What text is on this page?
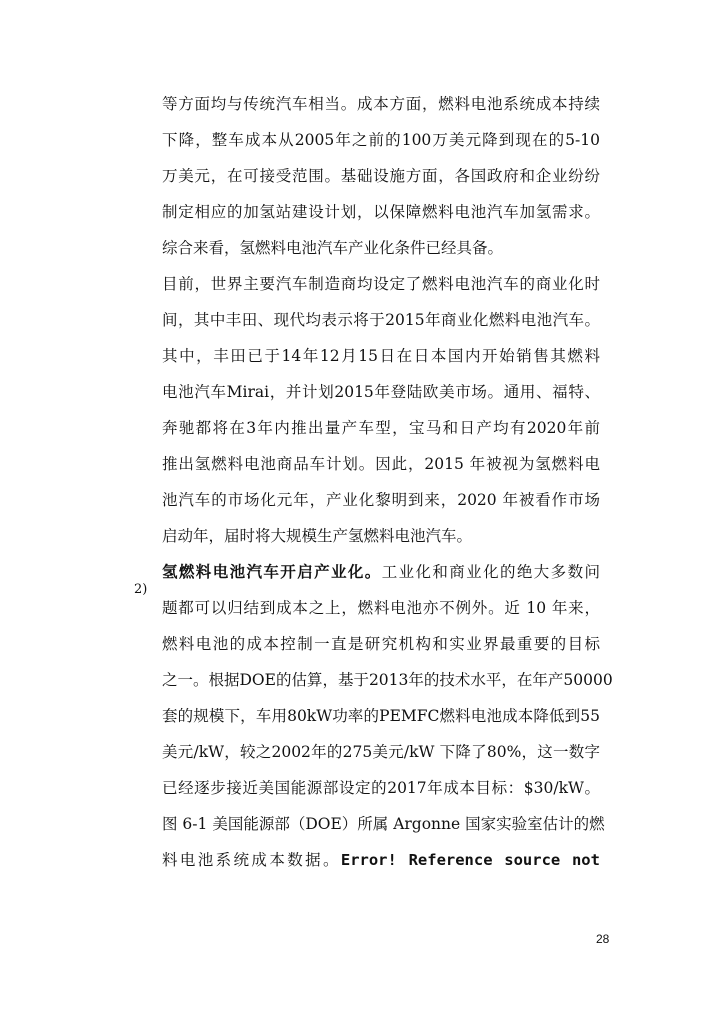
等方面均与传统汽车相当。成本方面，燃料电池系统成本持续
下降，整车成本从2005年之前的100万美元降到现在的5-10
万美元，在可接受范围。基础设施方面，各国政府和企业纷纷
制定相应的加氢站建设计划，以保障燃料电池汽车加氢需求。
综合来看，氢燃料电池汽车产业化条件已经具备。
目前，世界主要汽车制造商均设定了燃料电池汽车的商业化时
间，其中丰田、现代均表示将于2015年商业化燃料电池汽车。
其中，丰田已于14年12月15日在日本国内开始销售其燃料
电池汽车Mirai，并计划2015年登陆欧美市场。通用、福特、
奔驰都将在3年内推出量产车型，宝马和日产均有2020年前
推出氢燃料电池商品车计划。因此，2015 年被视为氢燃料电
池汽车的市场化元年，产业化黎明到来，2020 年被看作市场
启动年，届时将大规模生产氢燃料电池汽车。
氢燃料电池汽车开启产业化。工业化和商业化的绝大多数问
题都可以归结到成本之上，燃料电池亦不例外。近 10 年来，
燃料电池的成本控制一直是研究机构和实业界最重要的目标
之一。根据DOE的估算，基于2013年的技术水平，在年产50000
套的规模下，车用80kW功率的PEMFC燃料电池成本降低到55
美元/kW，较之2002年的275美元/kW 下降了80%，这一数字
已经逐步接近美国能源部设定的2017年成本目标：$30/kW。
图 6-1 美国能源部（DOE）所属 Argonne 国家实验室估计的燃
料电池系统成本数据。Error! Reference source not
2)
28
